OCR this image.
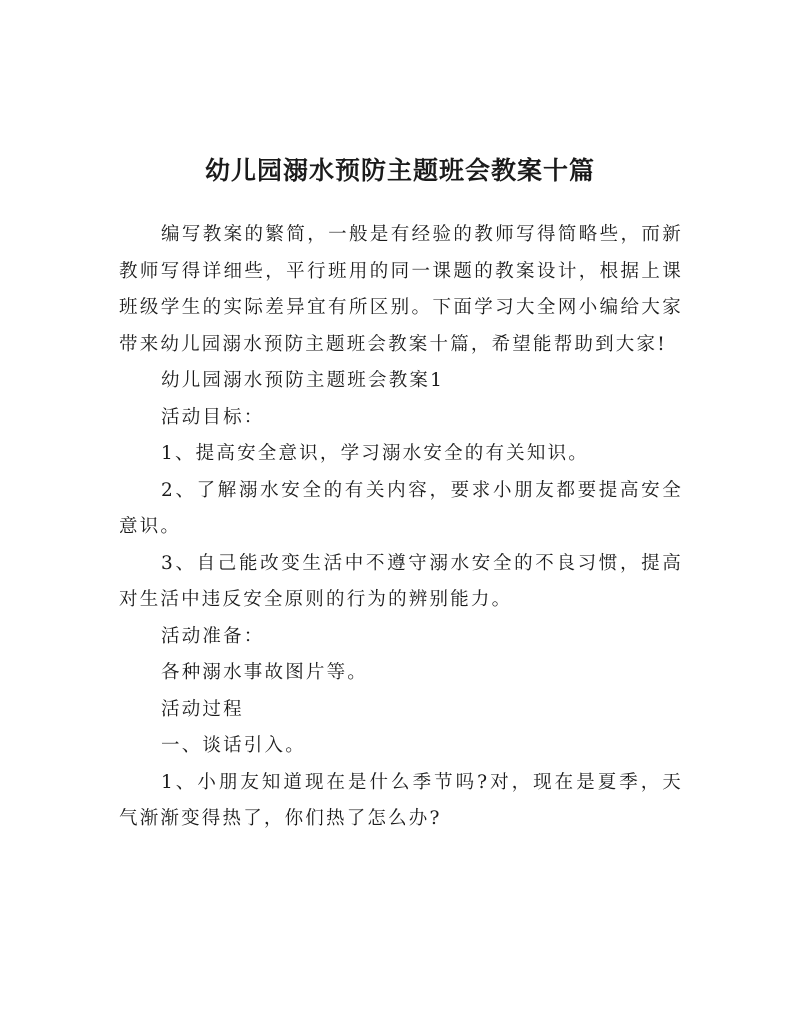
幼儿园溺水预防主题班会教案十篇

编写教案的繁简，一般是有经验的教师写得简略些，而新教师写得详细些，平行班用的同一课题的教案设计，根据上课班级学生的实际差异宜有所区别。下面学习大全网小编给大家带来幼儿园溺水预防主题班会教案十篇，希望能帮助到大家!

幼儿园溺水预防主题班会教案1

活动目标：

1、提高安全意识，学习溺水安全的有关知识。

2、了解溺水安全的有关内容，要求小朋友都要提高安全意识。

3、自己能改变生活中不遵守溺水安全的不良习惯，提高对生活中违反安全原则的行为的辨别能力。

活动准备：

各种溺水事故图片等。

活动过程

一、谈话引入。

1、小朋友知道现在是什么季节吗?对，现在是夏季，天气渐渐变得热了，你们热了怎么办?
